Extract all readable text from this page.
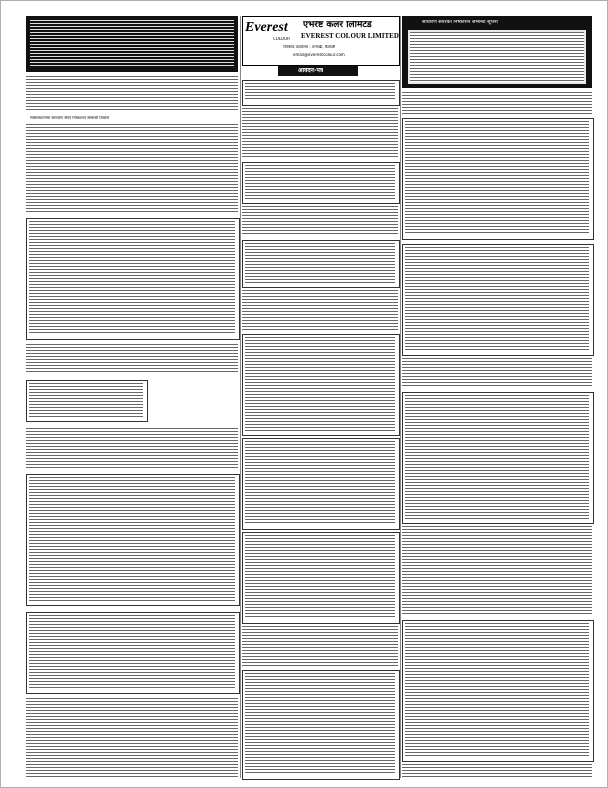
सर्वसाधारणमा साधारण सेयर निष्काशन सम्बन्धी विवरण
Everest
COLOUR
एभरेष्ट कलर लिमिटेड
EVEREST COLOUR LIMITED
रजिस्टर्ड कार्यालय : धनगढी, कैलाली
email@everestcolour.com
आवेदन-पत्र
साधारण सेयरको निष्काशन सम्बन्धी सूचना
